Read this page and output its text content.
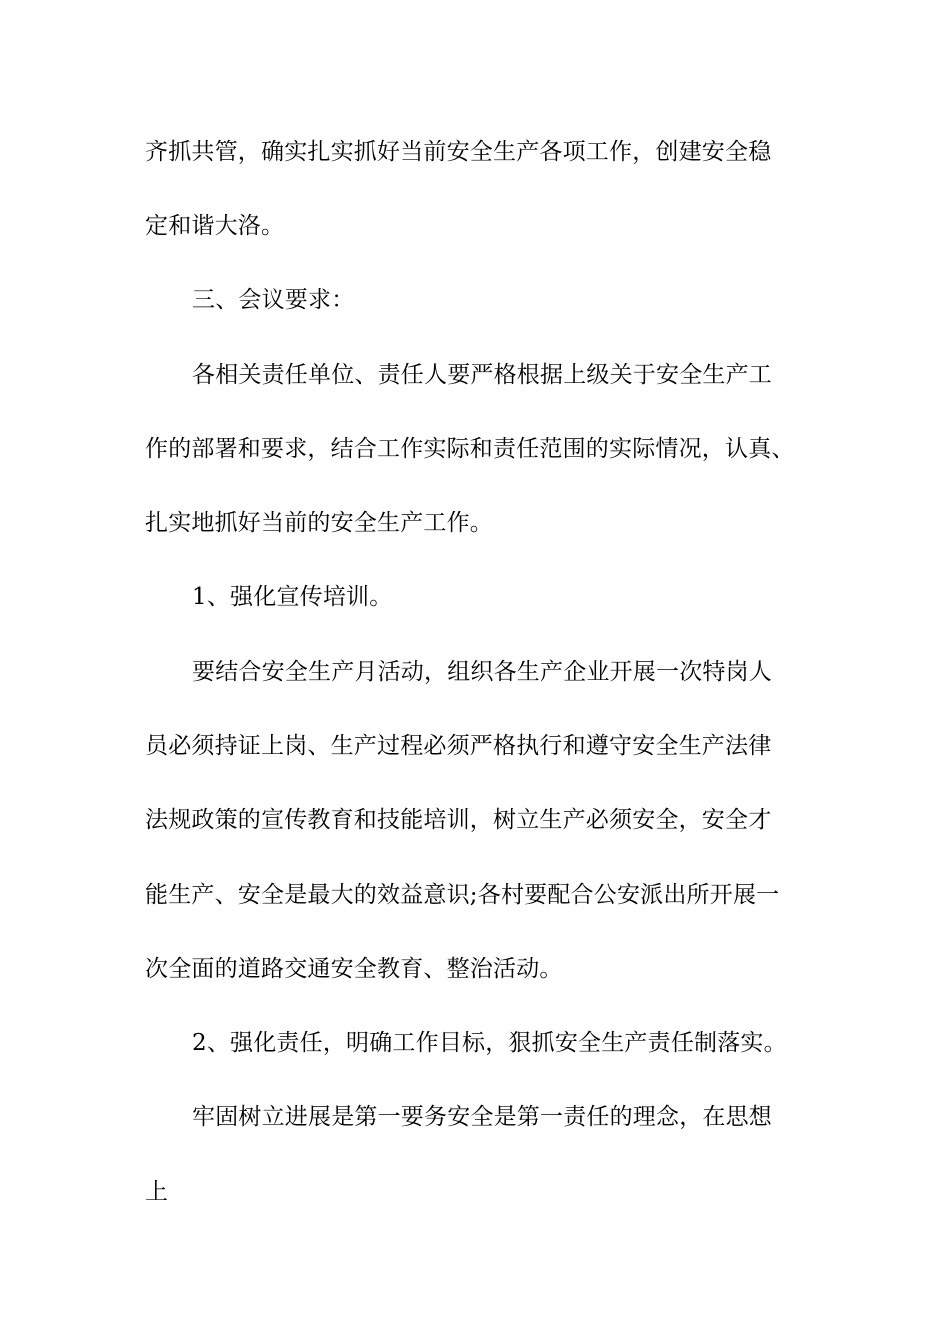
齐抓共管，确实扎实抓好当前安全生产各项工作，创建安全稳
定和谐大洛。
三、会议要求：
各相关责任单位、责任人要严格根据上级关于安全生产工
作的部署和要求，结合工作实际和责任范围的实际情况，认真、
扎实地抓好当前的安全生产工作。
1、强化宣传培训。
要结合安全生产月活动，组织各生产企业开展一次特岗人
员必须持证上岗、生产过程必须严格执行和遵守安全生产法律
法规政策的宣传教育和技能培训，树立生产必须安全，安全才
能生产、安全是最大的效益意识;各村要配合公安派出所开展一
次全面的道路交通安全教育、整治活动。
2、强化责任，明确工作目标，狠抓安全生产责任制落实。
牢固树立进展是第一要务安全是第一责任的理念，在思想
上
